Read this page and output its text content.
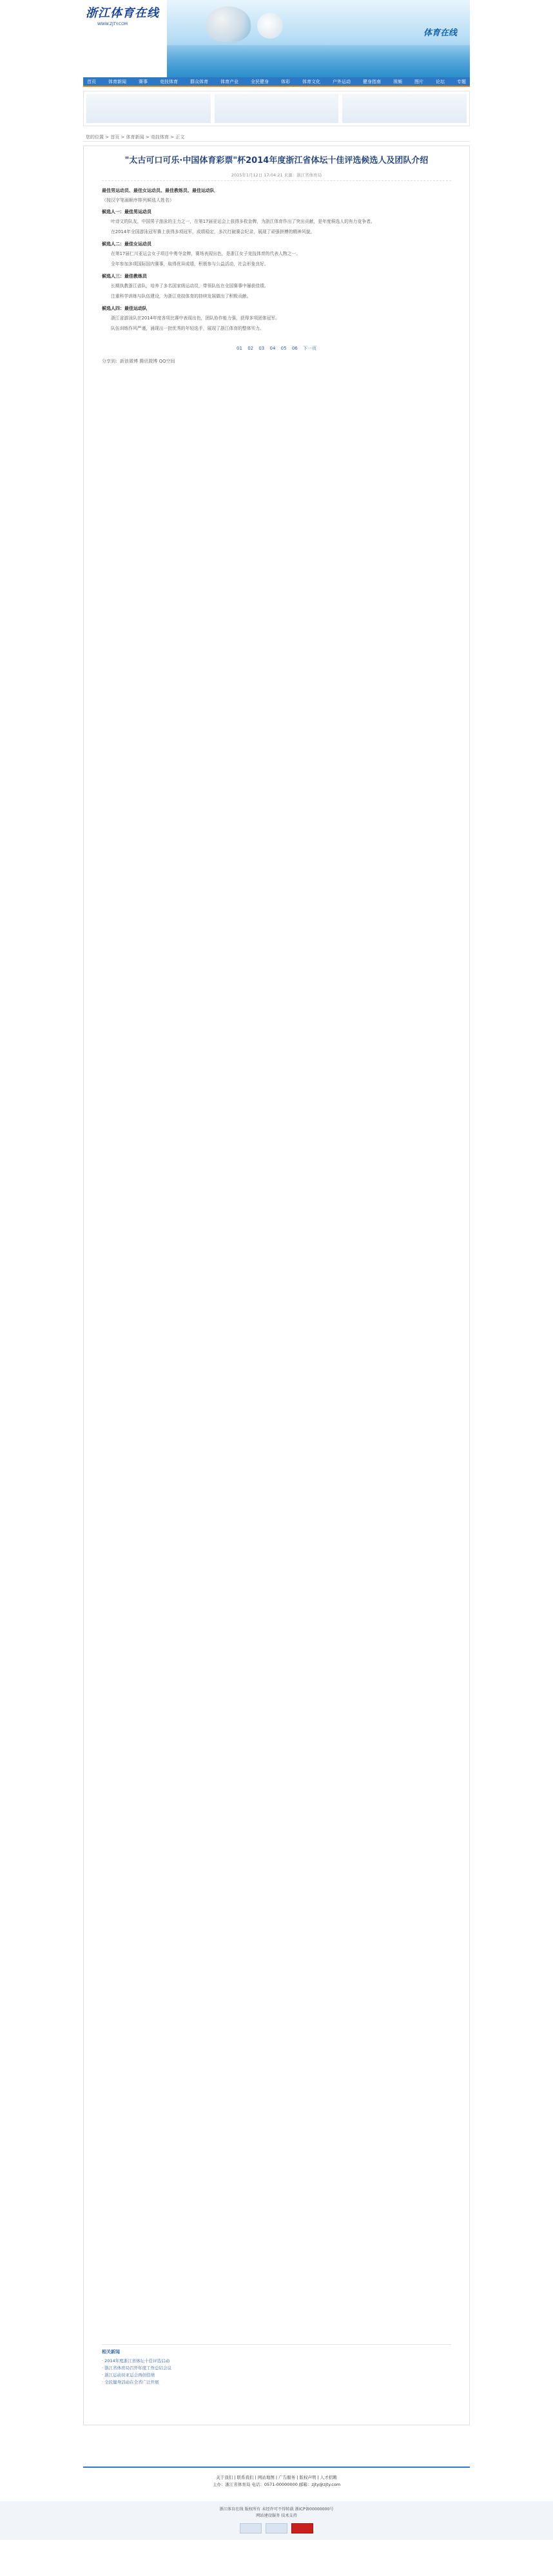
浙江体育在线
WWW.ZJTY.COM
体育在线
首页	体育新闻	赛事	竞技体育	群众体育	体育产业	全民健身	体彩	体育文化	户外运动	健身指南	视频	图片	论坛	专题
您的位置 > 首页 > 体育新闻 > 竞技体育 > 正文
"太古可口可乐·中国体育彩票"杯2014年度浙江省体坛十佳评选候选人及团队介绍
2015年1月12日 17:04:21 来源：浙江省体育局
最佳男运动员、最佳女运动员、最佳教练员、最佳运动队
（按汉字笔画顺序排列候选人姓名）
候选人一：最佳男运动员

叶诗文的队友，中国男子游泳的主力之一，在第17届亚运会上获得多枚金牌，为浙江体育作出了突出贡献，是年度候选人的有力竞争者。

在2014年全国游泳冠军赛上获得多项冠军，成绩稳定，多次打破赛会纪录，展现了顽强拼搏的精神风貌。

候选人二：最佳女运动员

在第17届仁川亚运会女子项目中勇夺金牌，赛场表现出色，是浙江女子竞技体育的代表人物之一。

全年参加多项国际国内赛事，取得优异成绩，积极参与公益活动，社会形象良好。

候选人三：最佳教练员

长期执教浙江省队，培养了多名国家级运动员，带领队伍在全国赛事中屡获佳绩。

注重科学训练与队伍建设，为浙江竞技体育的持续发展做出了积极贡献。

候选人四：最佳运动队

浙江省游泳队在2014年度各项比赛中表现出色，团队协作能力强，获得多项团体冠军。

队伍训练作风严谨，涌现出一批优秀的年轻选手，展现了浙江体育的整体实力。

01 02 03 04 05 06 下一页
分享到：新浪微博 腾讯微博 QQ空间
相关新闻
· 2014年度浙江省体坛十佳评选启动
· 浙江省体育局召开年度工作总结会议
· 浙江运动员亚运会再创佳绩
· 全民健身活动在全省广泛开展
关于我们 | 联系我们 | 网站地图 | 广告服务 | 版权声明 | 人才招聘
主办：浙江省体育局 电话：0571-00000000 邮箱：zjty@zjty.com
浙江体育在线 版权所有 未经许可不得转载 浙ICP备00000000号
网站建设服务 技术支持
